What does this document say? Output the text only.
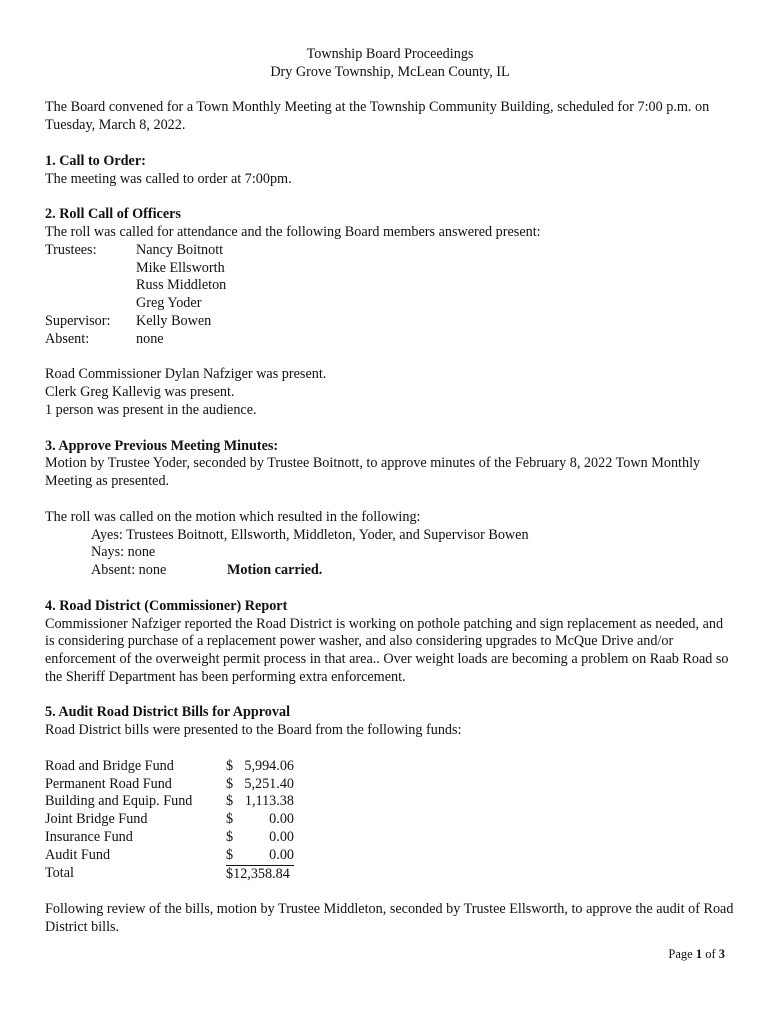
Township Board Proceedings
Dry Grove Township, McLean County, IL
The Board convened for a Town Monthly Meeting at the Township Community Building, scheduled for 7:00 p.m. on Tuesday, March 8, 2022.
1. Call to Order:
The meeting was called to order at 7:00pm.
2. Roll Call of Officers
The roll was called for attendance and the following Board members answered present:
Trustees:	Nancy Boitnott
Mike Ellsworth
Russ Middleton
Greg Yoder
Supervisor:	Kelly Bowen
Absent:	none
Road Commissioner Dylan Nafziger was present.
Clerk Greg Kallevig was present.
1 person was present in the audience.
3. Approve Previous Meeting Minutes:
Motion by Trustee Yoder, seconded by Trustee Boitnott, to approve minutes of the February 8, 2022 Town Monthly Meeting as presented.
The roll was called on the motion which resulted in the following:
Ayes: Trustees Boitnott, Ellsworth, Middleton, Yoder, and Supervisor Bowen
Nays: none
Absent: none	Motion carried.
4. Road District (Commissioner) Report
Commissioner Nafziger reported the Road District is working on pothole patching and sign replacement as needed, and is considering purchase of a replacement power washer, and also considering upgrades to McQue Drive and/or enforcement of the overweight permit process in that area.. Over weight loads are becoming a problem on Raab Road so the Sheriff Department has been performing extra enforcement.
5. Audit Road District Bills for Approval
Road District bills were presented to the Board from the following funds:
Road and Bridge Fund	$	5,994.06
Permanent Road Fund	$	5,251.40
Building and Equip. Fund	$	1,113.38
Joint Bridge Fund	$	0.00
Insurance Fund	$	0.00
Audit Fund	$	0.00
Total	$12,358.84	
Following review of the bills, motion by Trustee Middleton, seconded by Trustee Ellsworth, to approve the audit of Road District bills.
Page 1 of 3
